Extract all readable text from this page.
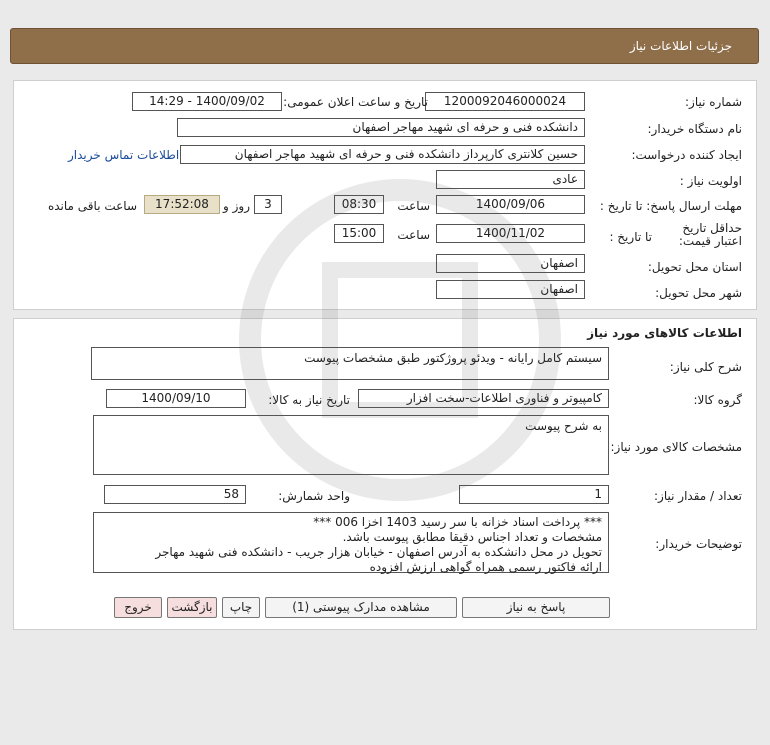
جزئیات اطلاعات نیاز
شماره نیاز:
1200092046000024
تاریخ و ساعت اعلان عمومی:
1400/09/02 - 14:29
نام دستگاه خریدار:
دانشکده فنی و حرفه ای شهید مهاجر اصفهان
ایجاد کننده درخواست:
حسین کلانتری کارپرداز دانشکده فنی و حرفه ای شهید مهاجر اصفهان
اطلاعات تماس خریدار
اولویت نیاز :
عادی
مهلت ارسال پاسخ: تا تاریخ :
1400/09/06
ساعت
08:30
3
روز و
17:52:08
ساعت باقی مانده
حداقل تاریخ اعتبار قیمت:
تا تاریخ :
1400/11/02
ساعت
15:00
استان محل تحویل:
اصفهان
شهر محل تحویل:
اصفهان
اطلاعات کالاهای مورد نیاز
شرح کلی نیاز:
سیستم کامل رایانه - ویدئو پروژکتور طبق مشخصات پیوست
گروه کالا:
کامپیوتر و فناوری اطلاعات-سخت افزار
تاریخ نیاز به کالا:
1400/09/10
مشخصات کالای مورد نیاز:
به شرح پیوست
تعداد / مقدار نیاز:
1
واحد شمارش:
58
توضیحات خریدار:
*** پرداخت اسناد خزانه با سر رسید 1403 اخزا 006 ***
مشخصات و تعداد اجناس دقیقا مطابق پیوست باشد.
تحویل در محل دانشکده به آدرس اصفهان - خیابان هزار جریب - دانشکده فنی شهید مهاجر
ارائه فاکتور رسمی همراه گواهی ارزش افزوده
پاسخ به نیاز
مشاهده مدارک پیوستی (1)
چاپ
بازگشت
خروج
